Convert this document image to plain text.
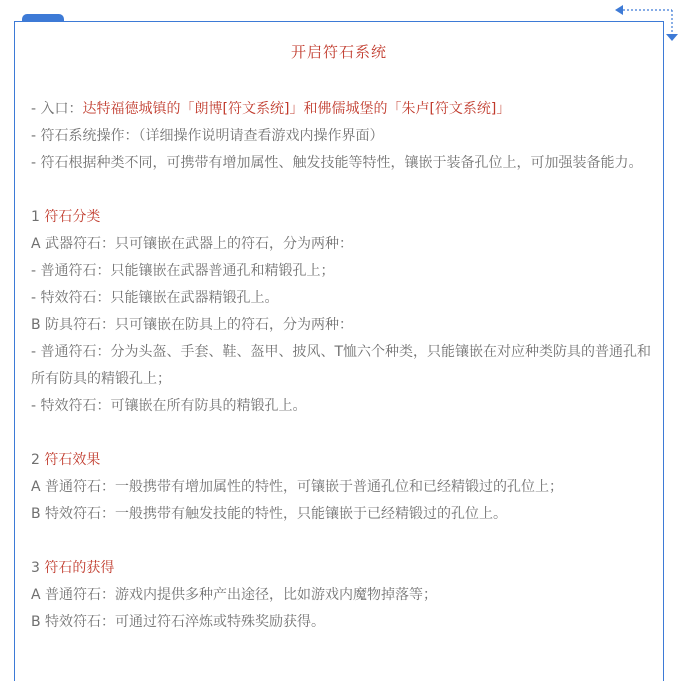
开启符石系统
- 入口：达特福德城镇的「朗博[符文系统]」和佛儒城堡的「朱卢[符文系统]」
- 符石系统操作：（详细操作说明请查看游戏内操作界面）
- 符石根据种类不同，可携带有增加属性、触发技能等特性，镶嵌于装备孔位上，可加强装备能力。
1 符石分类
A 武器符石：只可镶嵌在武器上的符石，分为两种：
- 普通符石：只能镶嵌在武器普通孔和精锻孔上；
- 特效符石：只能镶嵌在武器精锻孔上。
B 防具符石：只可镶嵌在防具上的符石，分为两种：
- 普通符石：分为头盔、手套、鞋、盔甲、披风、T恤六个种类，只能镶嵌在对应种类防具的普通孔和所有防具的精锻孔上；
- 特效符石：可镶嵌在所有防具的精锻孔上。
2 符石效果
A 普通符石：一般携带有增加属性的特性，可镶嵌于普通孔位和已经精锻过的孔位上；
B 特效符石：一般携带有触发技能的特性，只能镶嵌于已经精锻过的孔位上。
3 符石的获得
A 普通符石：游戏内提供多种产出途径，比如游戏内魔物掉落等；
B 特效符石：可通过符石淬炼或特殊奖励获得。
